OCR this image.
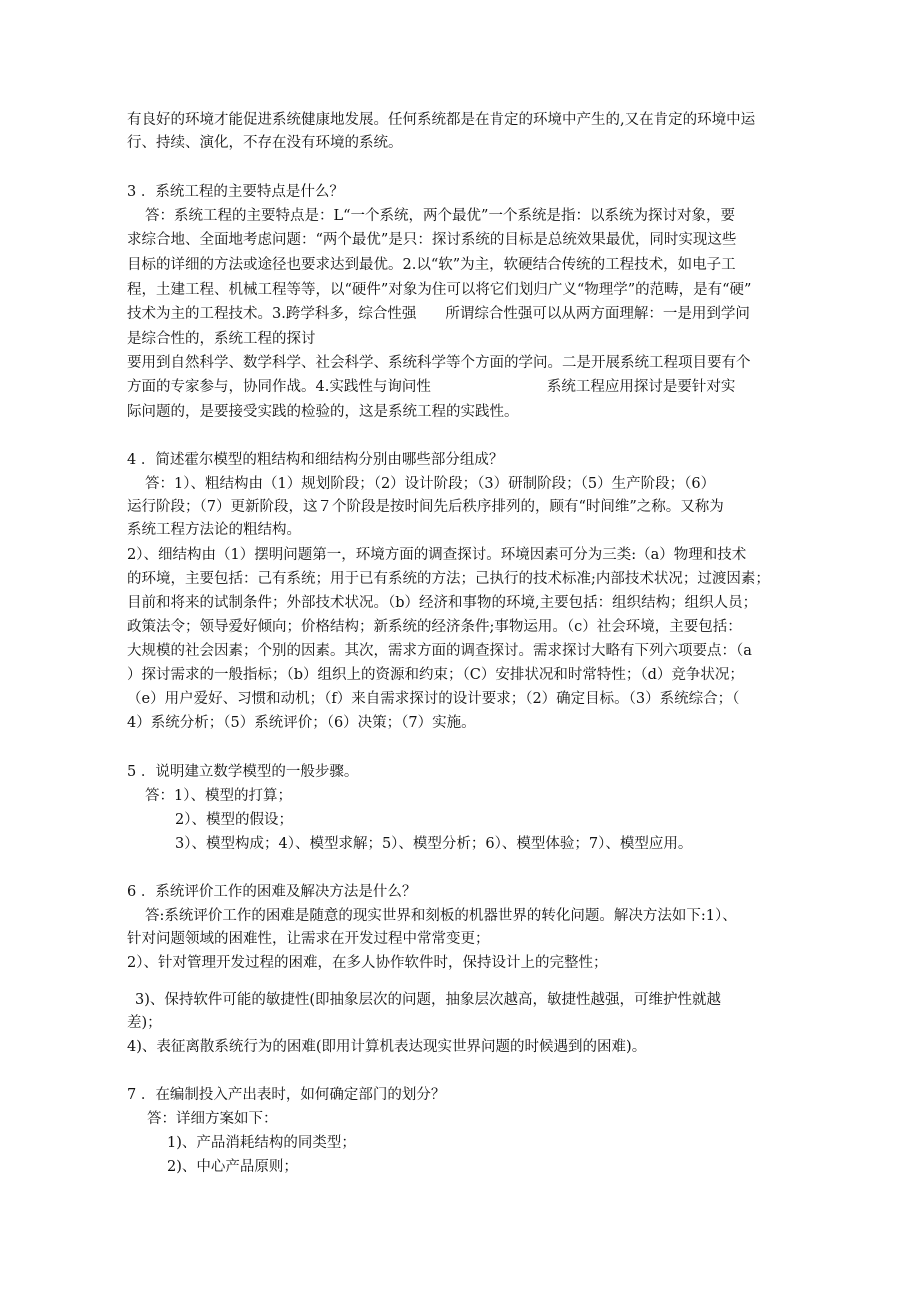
有良好的环境才能促进系统健康地发展。任何系统都是在肯定的环境中产生的,又在肯定的环境中运
行、持续、演化，不存在没有环境的系统。
3 ．系统工程的主要特点是什么？
答：系统工程的主要特点是：L“一个系统，两个最优”一个系统是指：以系统为探讨对象，要
求综合地、全面地考虑问题：“两个最优”是只：探讨系统的目标是总统效果最优，同时实现这些
目标的详细的方法或途径也要求达到最优。2.以“软”为主，软硬结合传统的工程技术，如电子工
程，土建工程、机械工程等等，以“硬件”对象为住可以将它们划归广义“物理学”的范畴，是有“硬”
技术为主的工程技术。3.跨学科多，综合性强　　所谓综合性强可以从两方面理解：一是用到学问
是综合性的，系统工程的探讨
要用到自然科学、数学科学、社会科学、系统科学等个方面的学问。二是开展系统工程项目要有个
方面的专家参与，协同作战。4.实践性与询问性　　　　　　　　系统工程应用探讨是要针对实
际问题的，是要接受实践的检验的，这是系统工程的实践性。
4 ．简述霍尔模型的粗结构和细结构分别由哪些部分组成？
答：1）、粗结构由（1）规划阶段；（2）设计阶段；（3）研制阶段；（5）生产阶段；（6）
运行阶段；（7）更新阶段，这７个阶段是按时间先后秩序排列的，顾有“时间维”之称。又称为
系统工程方法论的粗结构。
2）、细结构由（1）摆明问题第一，环境方面的调查探讨。环境因素可分为三类:（a）物理和技术
的环境，主要包括：己有系统；用于已有系统的方法；己执行的技术标准;内部技术状况；过渡因素；
目前和将来的试制条件；外部技术状况。（b）经济和事物的环境,主要包括：组织结构；组织人员；
政策法令；领导爱好倾向；价格结构；新系统的经济条件;事物运用。（c）社会环境，主要包括：
大规模的社会因素；个别的因素。其次，需求方面的调查探讨。需求探讨大略有下列六项要点：（a
）探讨需求的一般指标；（b）组织上的资源和约束；（C）安排状况和时常特性；（d）竞争状况；
（e）用户爱好、习惯和动机；（f）来自需求探讨的设计要求；（2）确定目标。（3）系统综合；（
4）系统分析；（5）系统评价；（6）决策；（7）实施。
5 ．说明建立数学模型的一般步骤。
答：1）、模型的打算；
2）、模型的假设；
3）、模型构成；4）、模型求解；5）、模型分析；6）、模型体验；7）、模型应用。
6 ．系统评价工作的困难及解决方法是什么？
答:系统评价工作的困难是随意的现实世界和刻板的机器世界的转化问题。解决方法如下:1）、
针对问题领域的困难性，让需求在开发过程中常常变更；
2）、针对管理开发过程的困难，在多人协作软件时，保持设计上的完整性；
3)、保持软件可能的敏捷性(即抽象层次的问题，抽象层次越高，敏捷性越强，可维护性就越
差)；
4)、表征离散系统行为的困难(即用计算机表达现实世界问题的时候遇到的困难)。
7 ．在编制投入产出表时，如何确定部门的划分？
答：详细方案如下：
1)、产品消耗结构的同类型；
2)、中心产品原则；
